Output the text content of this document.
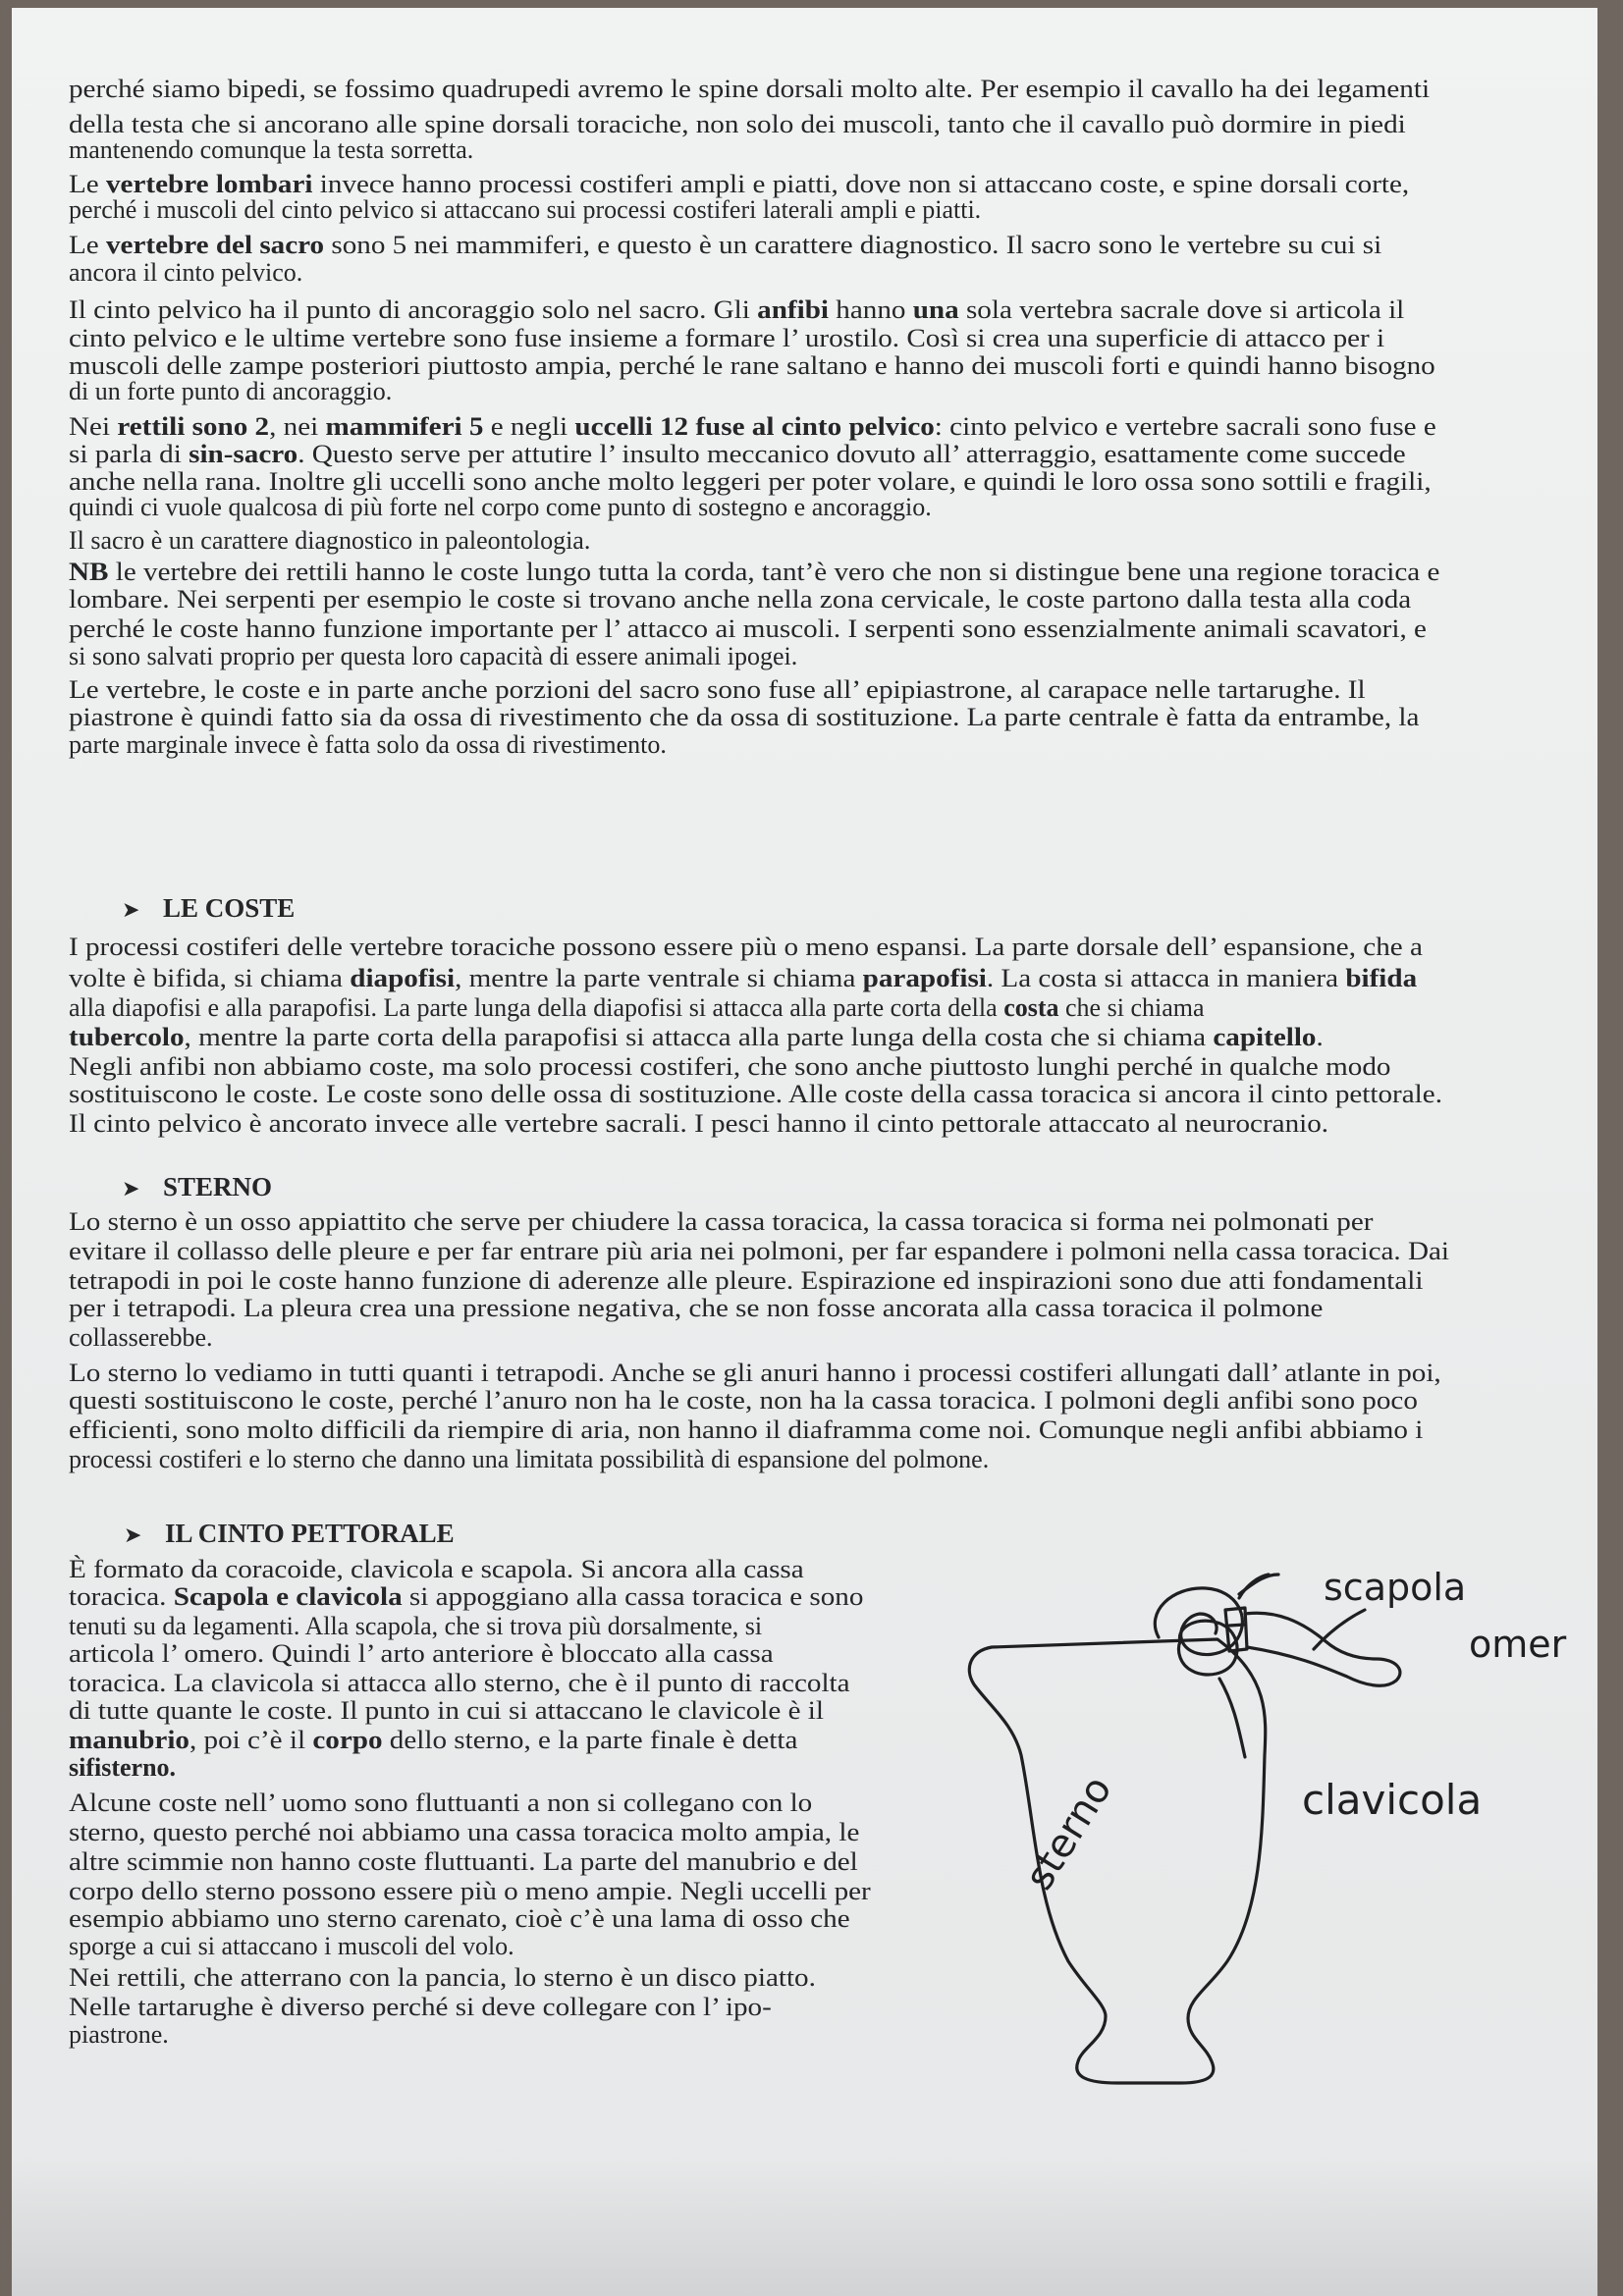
perché siamo bipedi, se fossimo quadrupedi avremo le spine dorsali molto alte. Per esempio il cavallo ha dei legamenti
della testa che si ancorano alle spine dorsali toraciche, non solo dei muscoli, tanto che il cavallo può dormire in piedi
mantenendo comunque la testa sorretta.
Le vertebre lombari invece hanno processi costiferi ampli e piatti, dove non si attaccano coste, e spine dorsali corte,
perché i muscoli del cinto pelvico si attaccano sui processi costiferi laterali ampli e piatti.
Le vertebre del sacro sono 5 nei mammiferi, e questo è un carattere diagnostico. Il sacro sono le vertebre su cui si
ancora il cinto pelvico.
Il cinto pelvico ha il punto di ancoraggio solo nel sacro. Gli anfibi hanno una sola vertebra sacrale dove si articola il
cinto pelvico e le ultime vertebre sono fuse insieme a formare l’ urostilo. Così si crea una superficie di attacco per i
muscoli delle zampe posteriori piuttosto ampia, perché le rane saltano e hanno dei muscoli forti e quindi hanno bisogno
di un forte punto di ancoraggio.
Nei rettili sono 2, nei mammiferi 5 e negli uccelli 12 fuse al cinto pelvico: cinto pelvico e vertebre sacrali sono fuse e
si parla di sin-sacro. Questo serve per attutire l’ insulto meccanico dovuto all’ atterraggio, esattamente come succede
anche nella rana. Inoltre gli uccelli sono anche molto leggeri per poter volare, e quindi le loro ossa sono sottili e fragili,
quindi ci vuole qualcosa di più forte nel corpo come punto di sostegno e ancoraggio.
Il sacro è un carattere diagnostico in paleontologia.
NB le vertebre dei rettili hanno le coste lungo tutta la corda, tant’è vero che non si distingue bene una regione toracica e
lombare. Nei serpenti per esempio le coste si trovano anche nella zona cervicale, le coste partono dalla testa alla coda
perché le coste hanno funzione importante per l’ attacco ai muscoli. I serpenti sono essenzialmente animali scavatori, e
si sono salvati proprio per questa loro capacità di essere animali ipogei.
Le vertebre, le coste e in parte anche porzioni del sacro sono fuse all’ epipiastrone, al carapace nelle tartarughe. Il
piastrone è quindi fatto sia da ossa di rivestimento che da ossa di sostituzione. La parte centrale è fatta da entrambe, la
parte marginale invece è fatta solo da ossa di rivestimento.
I processi costiferi delle vertebre toraciche possono essere più o meno espansi. La parte dorsale dell’ espansione, che a
volte è bifida, si chiama diapofisi, mentre la parte ventrale si chiama parapofisi. La costa si attacca in maniera bifida
alla diapofisi e alla parapofisi. La parte lunga della diapofisi si attacca alla parte corta della costa che si chiama
tubercolo, mentre la parte corta della parapofisi si attacca alla parte lunga della costa che si chiama capitello.
Negli anfibi non abbiamo coste, ma solo processi costiferi, che sono anche piuttosto lunghi perché in qualche modo
sostituiscono le coste. Le coste sono delle ossa di sostituzione. Alle coste della cassa toracica si ancora il cinto pettorale.
Il cinto pelvico è ancorato invece alle vertebre sacrali. I pesci hanno il cinto pettorale attaccato al neurocranio.
Lo sterno è un osso appiattito che serve per chiudere la cassa toracica, la cassa toracica si forma nei polmonati per
evitare il collasso delle pleure e per far entrare più aria nei polmoni, per far espandere i polmoni nella cassa toracica. Dai
tetrapodi in poi le coste hanno funzione di aderenze alle pleure. Espirazione ed inspirazioni sono due atti fondamentali
per i tetrapodi. La pleura crea una pressione negativa, che se non fosse ancorata alla cassa toracica il polmone
collasserebbe.
Lo sterno lo vediamo in tutti quanti i tetrapodi. Anche se gli anuri hanno i processi costiferi allungati dall’ atlante in poi,
questi sostituiscono le coste, perché l’anuro non ha le coste, non ha la cassa toracica. I polmoni degli anfibi sono poco
efficienti, sono molto difficili da riempire di aria, non hanno il diaframma come noi. Comunque negli anfibi abbiamo i
processi costiferi e lo sterno che danno una limitata possibilità di espansione del polmone.
È formato da coracoide, clavicola e scapola. Si ancora alla cassa
toracica. Scapola e clavicola si appoggiano alla cassa toracica e sono
tenuti su da legamenti. Alla scapola, che si trova più dorsalmente, si
articola l’ omero. Quindi l’ arto anteriore è bloccato alla cassa
toracica. La clavicola si attacca allo sterno, che è il punto di raccolta
di tutte quante le coste. Il punto in cui si attaccano le clavicole è il
manubrio, poi c’è il corpo dello sterno, e la parte finale è detta
sifisterno.
Alcune coste nell’ uomo sono fluttuanti a non si collegano con lo
sterno, questo perché noi abbiamo una cassa toracica molto ampia, le
altre scimmie non hanno coste fluttuanti. La parte del manubrio e del
corpo dello sterno possono essere più o meno ampie. Negli uccelli per
esempio abbiamo uno sterno carenato, cioè c’è una lama di osso che
sporge a cui si attaccano i muscoli del volo.
Nei rettili, che atterrano con la pancia, lo sterno è un disco piatto.
Nelle tartarughe è diverso perché si deve collegare con l’ ipo-
piastrone.
➤ LE COSTE
➤ STERNO
➤ IL CINTO PETTORALE
scapola
omer
clavicola
sterno
